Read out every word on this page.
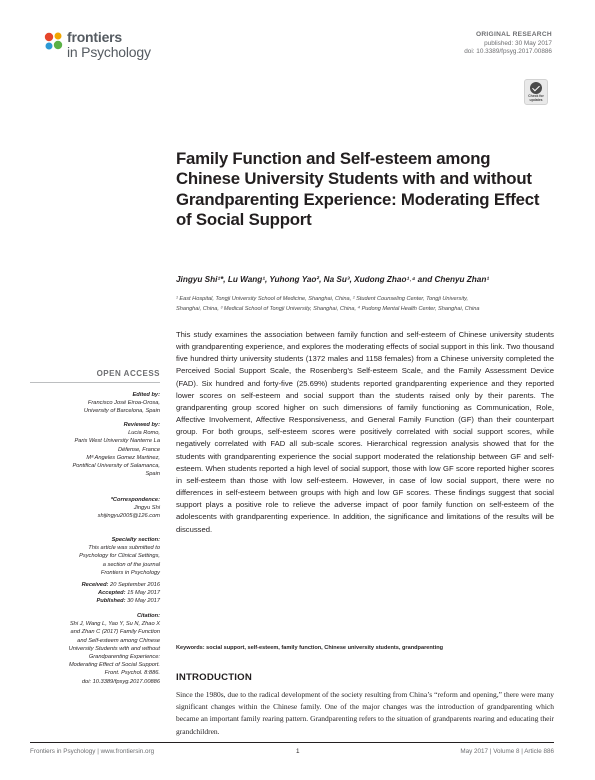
frontiers
in Psychology
ORIGINAL RESEARCH
published: 30 May 2017
doi: 10.3389/fpsyg.2017.00886
Check for updates
Family Function and Self-esteem among Chinese University Students with and without Grandparenting Experience: Moderating Effect of Social Support
Jingyu Shi¹*, Lu Wang¹, Yuhong Yao², Na Su³, Xudong Zhao¹˒⁴ and Chenyu Zhan¹
¹ East Hospital, Tongji University School of Medicine, Shanghai, China, ² Student Counseling Center, Tongji University,
Shanghai, China, ³ Medical School of Tongji University, Shanghai, China, ⁴ Pudong Mental Health Center, Shanghai, China
This study examines the association between family function and self-esteem of Chinese university students with grandparenting experience, and explores the moderating effects of social support in this link. Two thousand five hundred thirty university students (1372 males and 1158 females) from a Chinese university completed the Perceived Social Support Scale, the Rosenberg’s Self-esteem Scale, and the Family Assessment Device (FAD). Six hundred and forty-five (25.69%) students reported grandparenting experience and they reported lower scores on self-esteem and social support than the students raised only by their parents. The grandparenting group scored higher on such dimensions of family functioning as Communication, Role, Affective Involvement, Affective Responsiveness, and General Family Function (GF) than their counterpart group. For both groups, self-esteem scores were positively correlated with social support scores, while negatively correlated with FAD all sub-scale scores. Hierarchical regression analysis showed that for the students with grandparenting experience the social support moderated the relationship between GF and self-esteem. When students reported a high level of social support, those with low GF score reported higher scores in self-esteem than those with low self-esteem. However, in case of low social support, there were no differences in self-esteem between groups with high and low GF scores. These findings suggest that social support plays a positive role to relieve the adverse impact of poor family function on self-esteem of the adolescents with grandparenting experience. In addition, the significance and limitations of the results will be discussed.
Keywords: social support, self-esteem, family function, Chinese university students, grandparenting
INTRODUCTION
Since the 1980s, due to the radical development of the society resulting from China’s “reform and opening,” there were many significant changes within the Chinese family. One of the major changes was the introduction of grandparenting which became an important family rearing pattern. Grandparenting refers to the situation of grandparents rearing and educating their grandchildren.
OPEN ACCESS
Edited by:
Francisco José Eiroa-Orosa,
University of Barcelona, Spain
Reviewed by:
Lucia Romo,
Paris West University Nanterre La
Défense, France
Mª Angeles Gomez Martinez,
Pontifical University of Salamanca,
Spain
*Correspondence:
Jingyu Shi
shijingyu2005@126.com
Specialty section:
This article was submitted to
Psychology for Clinical Settings,
a section of the journal
Frontiers in Psychology
Received: 20 September 2016
Accepted: 15 May 2017
Published: 30 May 2017
Citation:
Shi J, Wang L, Yao Y, Su N, Zhao X
and Zhan C (2017) Family Function
and Self-esteem among Chinese
University Students with and without
Grandparenting Experience:
Moderating Effect of Social Support.
Front. Psychol. 8:886.
doi: 10.3389/fpsyg.2017.00886
Frontiers in Psychology | www.frontiersin.org	1	May 2017 | Volume 8 | Article 886
